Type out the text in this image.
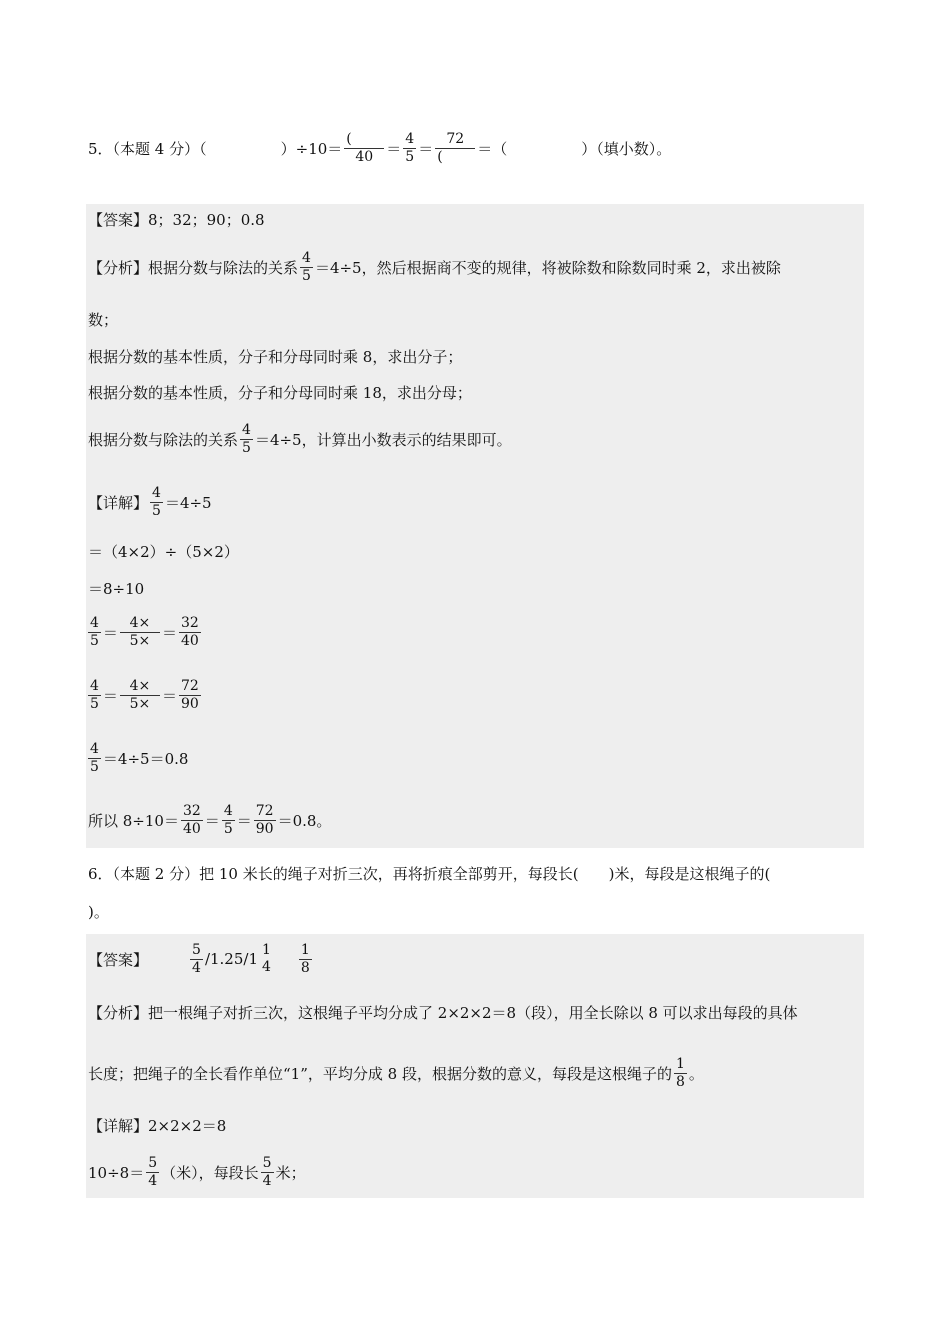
5．（本题 4 分）（	）$\div 10= \frac{(}{40} = \frac{4}{5} = \frac{72}{(}$ ＝（	）（填小数）。
【答案】8；32；90；0.8
【分析】根据分数与除法的关系 $\frac{4}{5} =4\div 5$，然后根据商不变的规律，将被除数和除数同时乘 2，求出被除
数；
根据分数的基本性质，分子和分母同时乘 8，求出分子；
根据分数的基本性质，分子和分母同时乘 18，求出分母；
根据分数与除法的关系 $\frac{4}{5} =4\div 5$，计算出小数表示的结果即可。
【详解】 $\frac{4}{5} =4\div 5$
＝（4×2）÷（5×2）
＝8÷10
$\frac{4}{5} = \frac{4\times}{5\times} = \frac{32}{40}$
$\frac{4}{5} = \frac{4\times}{5\times} = \frac{72}{90}$
$\frac{4}{5} =4\div 5=0.8$
所以 $8\div 10= \frac{32}{40} = \frac{4}{5} = \frac{72}{90} =0.8$。
6．（本题 2 分）把 10 米长的绳子对折三次，再将折痕全部剪开，每段长(　　)米，每段是这根绳子的(
)。
【答案】	$\frac{5}{4} /1.25/$ 1 1
$4 \frac{1}{8}$
【分析】把一根绳子对折三次，这根绳子平均分成了 2×2×2＝8（段），用全长除以 8 可以求出每段的具体
长度；把绳子的全长看作单位“1”，平均分成 8 段，根据分数的意义，每段是这根绳子的 $\frac{1}{8}$ 。
【详解】2×2×2＝8
$10\div 8= \frac{5}{4}$ （米），每段长 $\frac{5}{4}$ 米；
